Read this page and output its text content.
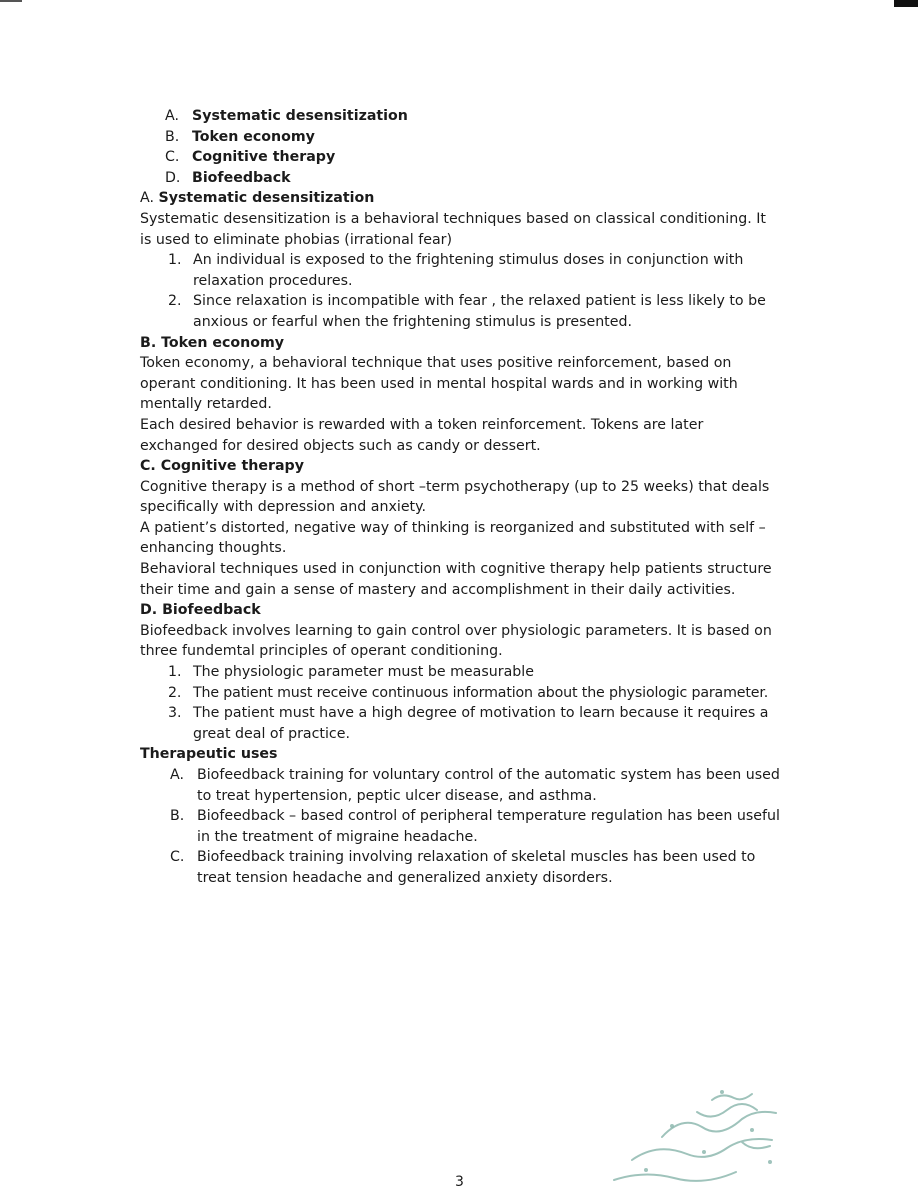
A. Systematic desensitization
B. Token economy
C. Cognitive therapy
D. Biofeedback
A. Systematic desensitization
Systematic desensitization is a behavioral techniques based on classical conditioning. It is used to eliminate phobias (irrational fear)
1. An individual is exposed to the frightening stimulus doses in conjunction with relaxation procedures.
2. Since relaxation is incompatible with fear , the relaxed patient is less likely to be anxious or fearful when the frightening stimulus is presented.
B. Token economy
Token economy, a behavioral technique that uses positive reinforcement, based on operant conditioning. It has been used in mental hospital wards and in working with mentally retarded.
Each desired behavior is rewarded with a token reinforcement. Tokens are later exchanged for desired objects such as candy or dessert.
C. Cognitive therapy
Cognitive therapy is a method of short –term psychotherapy (up to 25 weeks) that deals specifically with depression and anxiety.
A patient’s distorted, negative way of thinking is reorganized and substituted with self – enhancing thoughts.
Behavioral techniques used in conjunction with cognitive therapy help patients structure their time and gain a sense of mastery and accomplishment in their daily activities.
D. Biofeedback
Biofeedback involves learning to gain control over physiologic parameters. It is based on three fundemtal principles of operant conditioning.
1. The physiologic parameter must be measurable
2. The patient must receive continuous information about the physiologic parameter.
3. The patient must have a high degree of motivation to learn because it requires a great deal of practice.
Therapeutic uses
A. Biofeedback training for voluntary control of the automatic system has been used to treat hypertension, peptic ulcer disease, and asthma.
B. Biofeedback – based control of peripheral temperature regulation has been useful in the treatment of migraine headache.
C. Biofeedback training involving relaxation of skeletal muscles has been used to treat tension headache and generalized anxiety disorders.
3
